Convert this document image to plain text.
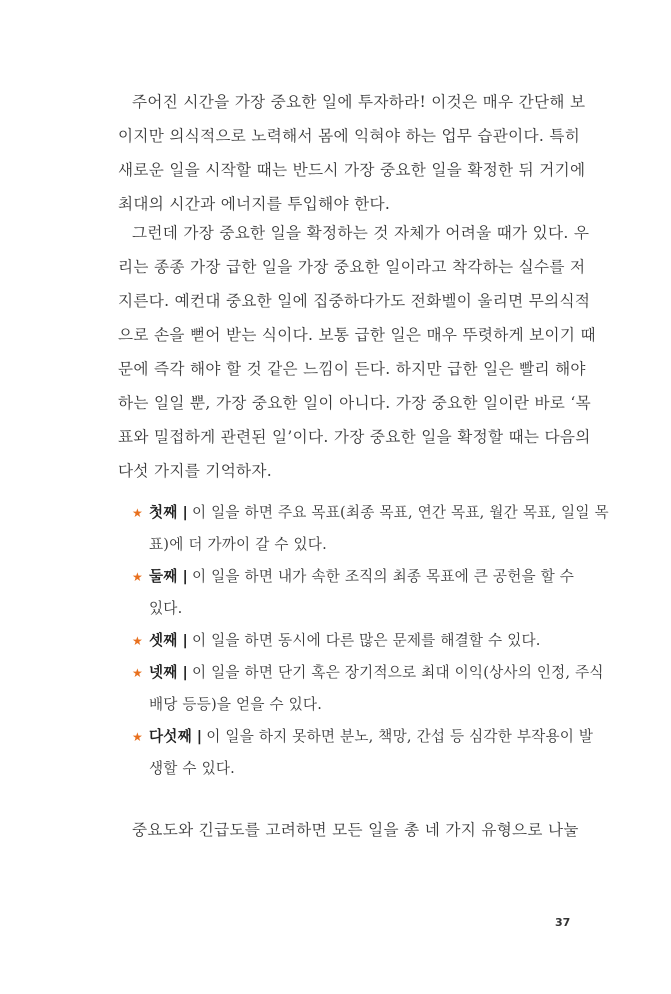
주어진 시간을 가장 중요한 일에 투자하라! 이것은 매우 간단해 보
이지만 의식적으로 노력해서 몸에 익혀야 하는 업무 습관이다. 특히
새로운 일을 시작할 때는 반드시 가장 중요한 일을 확정한 뒤 거기에
최대의 시간과 에너지를 투입해야 한다.
그런데 가장 중요한 일을 확정하는 것 자체가 어려울 때가 있다. 우
리는 종종 가장 급한 일을 가장 중요한 일이라고 착각하는 실수를 저
지른다. 예컨대 중요한 일에 집중하다가도 전화벨이 울리면 무의식적
으로 손을 뻗어 받는 식이다. 보통 급한 일은 매우 뚜렷하게 보이기 때
문에 즉각 해야 할 것 같은 느낌이 든다. 하지만 급한 일은 빨리 해야
하는 일일 뿐, 가장 중요한 일이 아니다. 가장 중요한 일이란 바로 ‘목
표와 밀접하게 관련된 일’이다. 가장 중요한 일을 확정할 때는 다음의
다섯 가지를 기억하자.
★ 첫째 | 이 일을 하면 주요 목표(최종 목표, 연간 목표, 월간 목표, 일일 목
표)에 더 가까이 갈 수 있다.
★ 둘째 | 이 일을 하면 내가 속한 조직의 최종 목표에 큰 공헌을 할 수
있다.
★ 셋째 | 이 일을 하면 동시에 다른 많은 문제를 해결할 수 있다.
★ 넷째 | 이 일을 하면 단기 혹은 장기적으로 최대 이익(상사의 인정, 주식
배당 등등)을 얻을 수 있다.
★ 다섯째 | 이 일을 하지 못하면 분노, 책망, 간섭 등 심각한 부작용이 발
생할 수 있다.

중요도와 긴급도를 고려하면 모든 일을 총 네 가지 유형으로 나눌

37
